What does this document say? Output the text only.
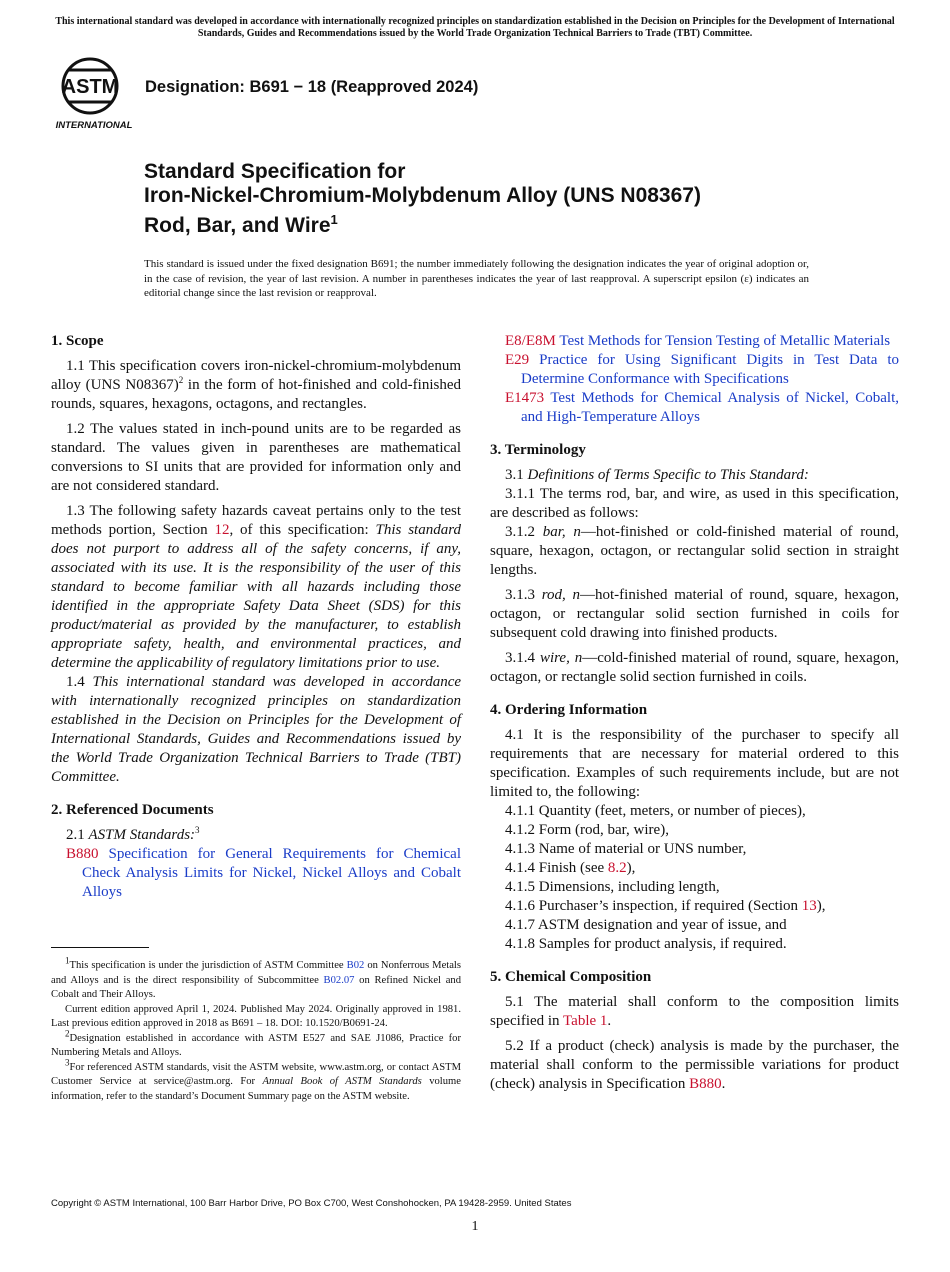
This international standard was developed in accordance with internationally recognized principles on standardization established in the Decision on Principles for the Development of International Standards, Guides and Recommendations issued by the World Trade Organization Technical Barriers to Trade (TBT) Committee.
ASTM
INTERNATIONAL
Designation: B691 − 18 (Reapproved 2024)
Standard Specification for
Iron-Nickel-Chromium-Molybdenum Alloy (UNS N08367)
Rod, Bar, and Wire$^1$
This standard is issued under the fixed designation B691; the number immediately following the designation indicates the year of original adoption or, in the case of revision, the year of last revision. A number in parentheses indicates the year of last reapproval. A superscript epsilon (ε) indicates an editorial change since the last revision or reapproval.
1. Scope

1.1 This specification covers iron-nickel-chromium-molybdenum alloy (UNS N08367)$^2$ in the form of hot-finished and cold-finished rounds, squares, hexagons, octagons, and rectangles.

1.2 The values stated in inch-pound units are to be regarded as standard. The values given in parentheses are mathematical conversions to SI units that are provided for information only and are not considered standard.

1.3 The following safety hazards caveat pertains only to the test methods portion, Section 12, of this specification: This standard does not purport to address all of the safety concerns, if any, associated with its use. It is the responsibility of the user of this standard to become familiar with all hazards including those identified in the appropriate Safety Data Sheet (SDS) for this product/material as provided by the manufacturer, to establish appropriate safety, health, and environmental practices, and determine the applicability of regulatory limitations prior to use.

1.4 This international standard was developed in accordance with internationally recognized principles on standardization established in the Decision on Principles for the Development of International Standards, Guides and Recommendations issued by the World Trade Organization Technical Barriers to Trade (TBT) Committee.

2. Referenced Documents

2.1 ASTM Standards:$^3$

B880 Specification for General Requirements for Chemical Check Analysis Limits for Nickel, Nickel Alloys and Cobalt Alloys

$^1$This specification is under the jurisdiction of ASTM Committee B02 on Nonferrous Metals and Alloys and is the direct responsibility of Subcommittee B02.07 on Refined Nickel and Cobalt and Their Alloys.

Current edition approved April 1, 2024. Published May 2024. Originally approved in 1981. Last previous edition approved in 2018 as B691 – 18. DOI: 10.1520/B0691-24.

$^2$Designation established in accordance with ASTM E527 and SAE J1086, Practice for Numbering Metals and Alloys.

$^3$For referenced ASTM standards, visit the ASTM website, www.astm.org, or contact ASTM Customer Service at service@astm.org. For Annual Book of ASTM Standards volume information, refer to the standard’s Document Summary page on the ASTM website.

E8/E8M Test Methods for Tension Testing of Metallic Materials

E29 Practice for Using Significant Digits in Test Data to Determine Conformance with Specifications

E1473 Test Methods for Chemical Analysis of Nickel, Cobalt, and High-Temperature Alloys

3. Terminology

3.1 Definitions of Terms Specific to This Standard:

3.1.1 The terms rod, bar, and wire, as used in this specification, are described as follows:

3.1.2 bar, n—hot-finished or cold-finished material of round, square, hexagon, octagon, or rectangular solid section in straight lengths.

3.1.3 rod, n—hot-finished material of round, square, hexagon, octagon, or rectangular solid section furnished in coils for subsequent cold drawing into finished products.

3.1.4 wire, n—cold-finished material of round, square, hexagon, octagon, or rectangle solid section furnished in coils.

4. Ordering Information

4.1 It is the responsibility of the purchaser to specify all requirements that are necessary for material ordered to this specification. Examples of such requirements include, but are not limited to, the following:

4.1.1 Quantity (feet, meters, or number of pieces),

4.1.2 Form (rod, bar, wire),

4.1.3 Name of material or UNS number,

4.1.4 Finish (see 8.2),

4.1.5 Dimensions, including length,

4.1.6 Purchaser’s inspection, if required (Section 13),

4.1.7 ASTM designation and year of issue, and

4.1.8 Samples for product analysis, if required.

5. Chemical Composition

5.1 The material shall conform to the composition limits specified in Table 1.

5.2 If a product (check) analysis is made by the purchaser, the material shall conform to the permissible variations for product (check) analysis in Specification B880.

Copyright © ASTM International, 100 Barr Harbor Drive, PO Box C700, West Conshohocken, PA 19428-2959. United States
1
